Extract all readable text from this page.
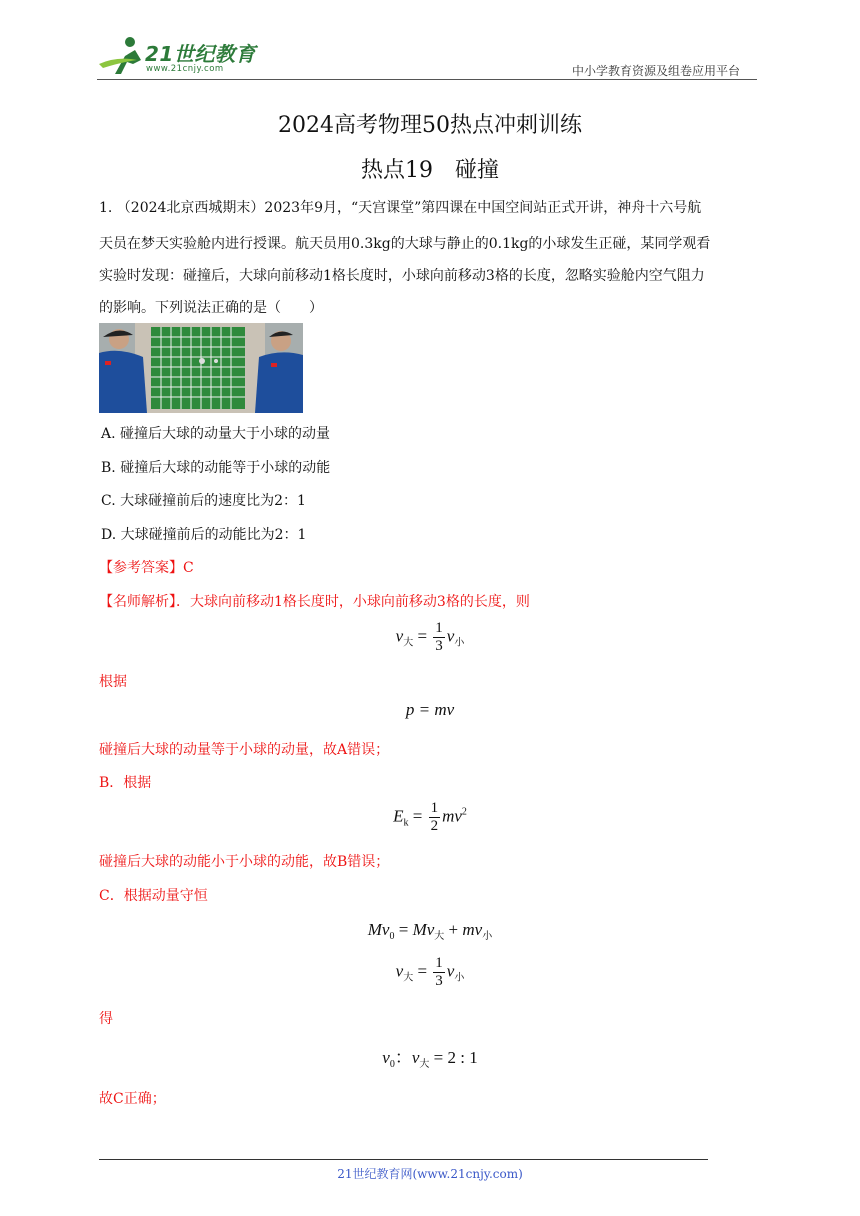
21世纪教育
www.21cnjy.com	中小学教育资源及组卷应用平台
2024高考物理50热点冲刺训练
热点19　碰撞
1. （2024北京西城期末）2023年9月，“天宫课堂”第四课在中国空间站正式开讲，神舟十六号航
天员在梦天实验舱内进行授课。航天员用0.3kg的大球与静止的0.1kg的小球发生正碰，某同学观看
实验时发现：碰撞后，大球向前移动1格长度时，小球向前移动3格的长度，忽略实验舱内空气阻力
的影响。下列说法正确的是（　　）
A. 碰撞后大球的动量大于小球的动量
B. 碰撞后大球的动能等于小球的动能
C. 大球碰撞前后的速度比为2：1
D. 大球碰撞前后的动能比为2：1
【参考答案】C
【名师解析】．大球向前移动1格长度时，小球向前移动3格的长度，则
$v_大 = \frac{1}{3} v_小$
根据
p = mv
碰撞后大球的动量等于小球的动量，故A错误；
B．根据
$E_k = \frac{1}{2} mv^2$
碰撞后大球的动能小于小球的动能，故B错误；
C．根据动量守恒
$Mv_0 = Mv_大 + mv_小$
$v_大 = \frac{1}{3} v_小$
得
$v_0$：$v_大 = 2$ : 1
故C正确；
21世纪教育网(www.21cnjy.com)
